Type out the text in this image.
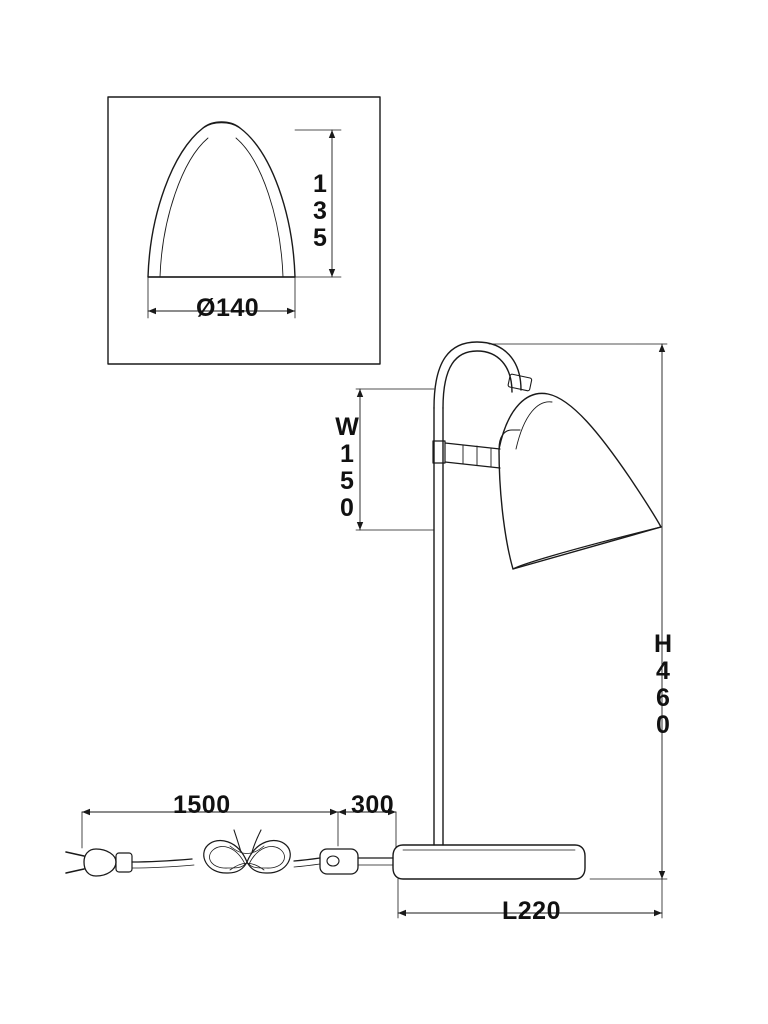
135
Ø140
W150
H460
1500	300
L220
